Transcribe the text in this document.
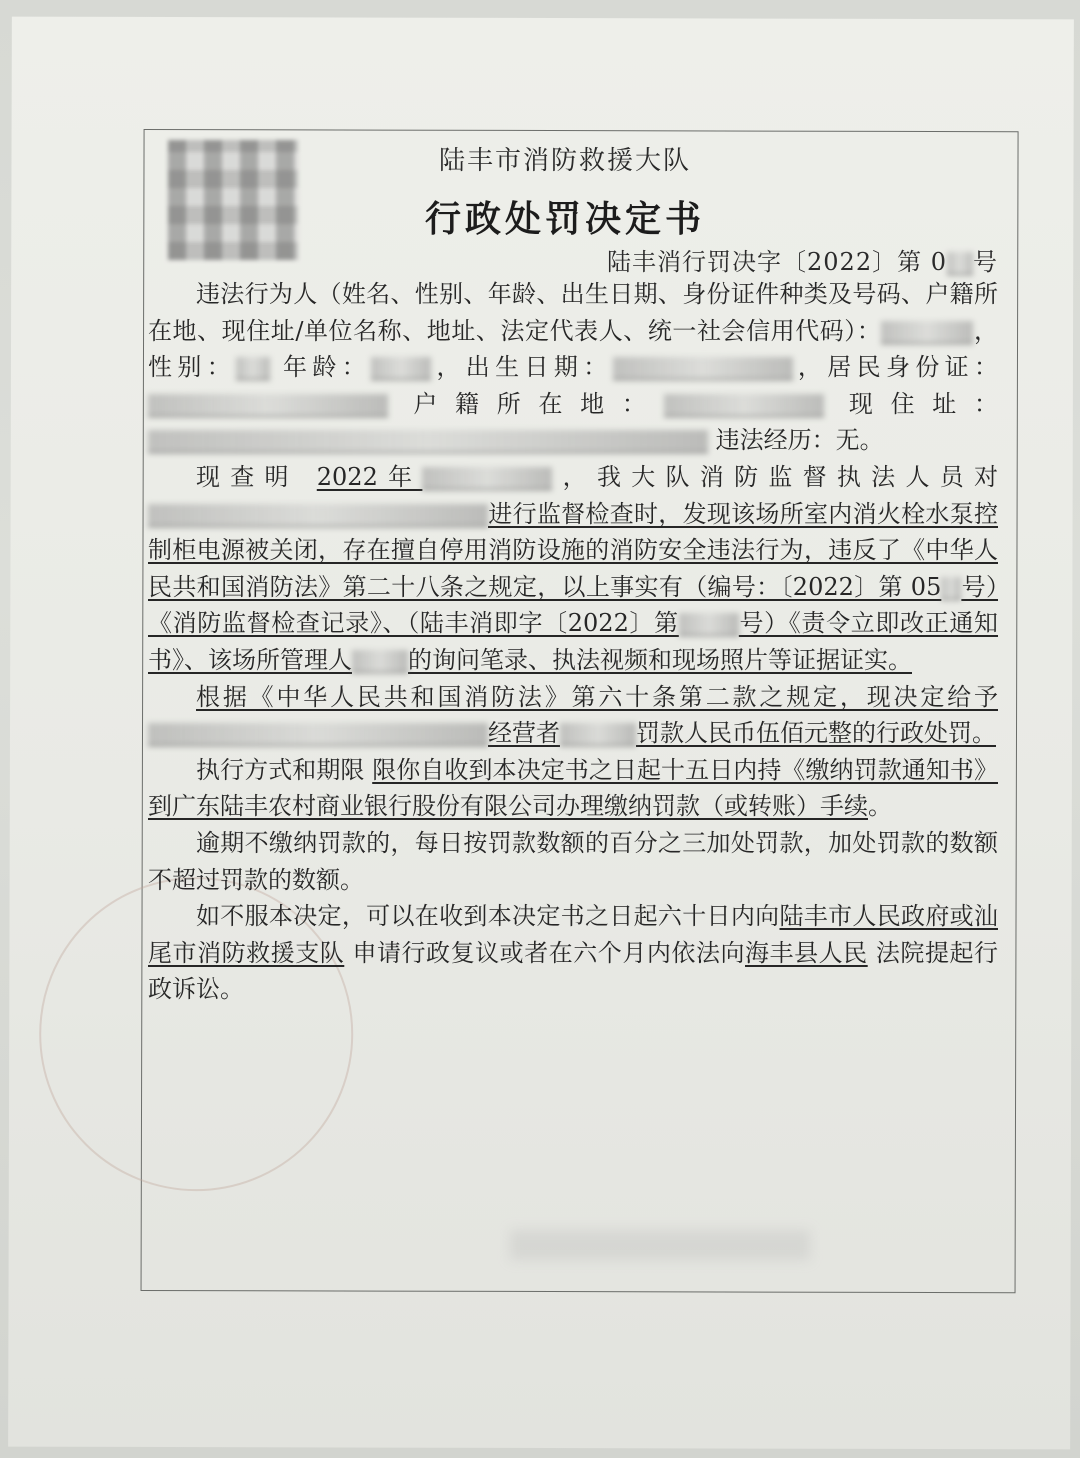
陆丰市消防救援大队
行政处罚决定书
陆丰消行罚决字〔2022〕第 0 号

违法行为人（姓名、性别、年龄、出生日期、身份证件种类及号码、户籍所在地、现住址/单位名称、地址、法定代表人、统一社会信用代码）：	，性别： 年龄：	，出生日期：	，居民身份证： 户籍所在地：	现住址： 违法经历：无。

现查明 2022年	，我大队消防监督执法人员对进行监督检查时，发现该场所室内消火栓水泵控制柜电源被关闭，存在擅自停用消防设施的消防安全违法行为，违反了《中华人民共和国消防法》第二十八条之规定，以上事实有（编号：〔2022〕第 05 号）《消防监督检查记录》、（陆丰消即字〔2022〕第	号）《责令立即改正通知书》、该场所管理人 的询问笔录、执法视频和现场照片等证据证实。

根据《中华人民共和国消防法》第六十条第二款之规定，现决定给予经营者	罚款人民币伍佰元整的行政处罚。

执行方式和期限 限你自收到本决定书之日起十五日内持《缴纳罚款通知书》到广东陆丰农村商业银行股份有限公司办理缴纳罚款（或转账）手续。

逾期不缴纳罚款的，每日按罚款数额的百分之三加处罚款，加处罚款的数额不超过罚款的数额。

如不服本决定，可以在收到本决定书之日起六十日内向陆丰市人民政府或汕尾市消防救援支队 申请行政复议或者在六个月内依法向海丰县人民 法院提起行政诉讼。
